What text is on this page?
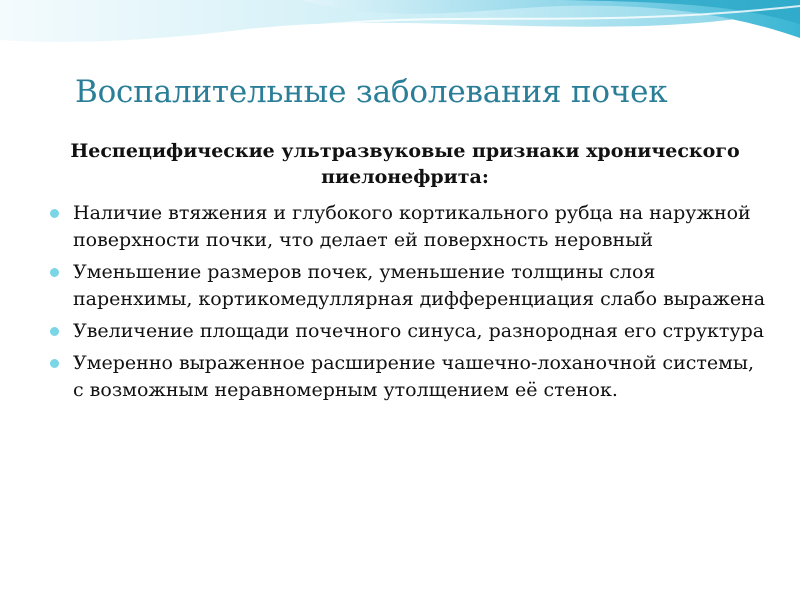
Воспалительные заболевания почек

Неспецифические ультразвуковые признаки хронического пиелонефрита:

Наличие втяжения и глубокого кортикального рубца на наружной поверхности почки, что делает ей поверхность неровный
Уменьшение размеров почек, уменьшение толщины слоя паренхимы, кортикомедуллярная дифференциация слабо выражена
Увеличение площади почечного синуса, разнородная его структура
Умеренно выраженное расширение чашечно-лоханочной системы, с возможным неравномерным утолщением её стенок.
